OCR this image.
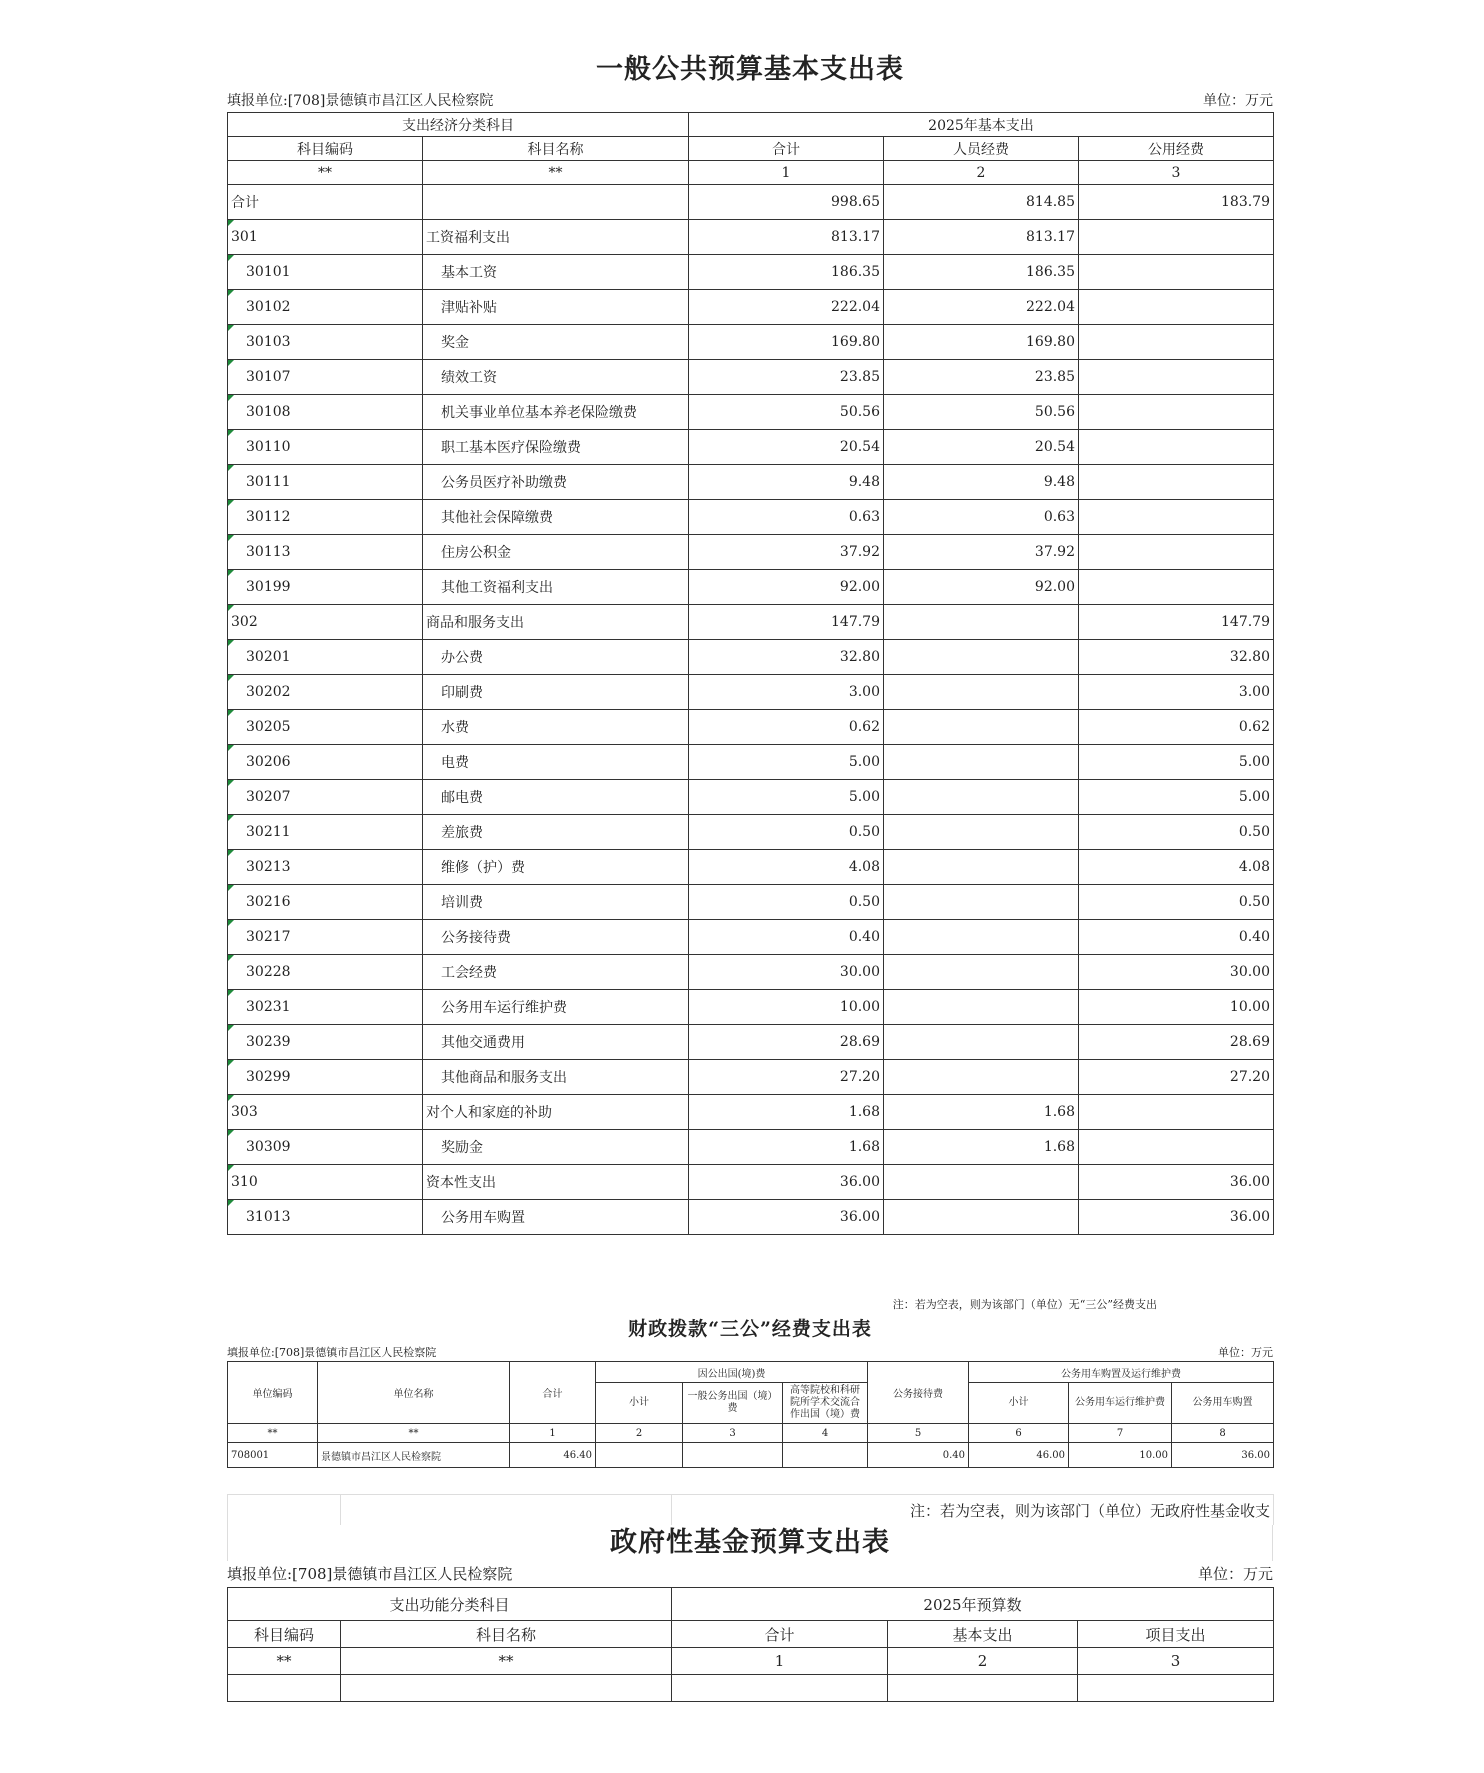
一般公共预算基本支出表
填报单位:[708]景德镇市昌江区人民检察院	单位：万元
支出经济分类科目		2025年基本支出		
科目编码	科目名称	合计	人员经费	公用经费
**	**	1	2	3
合计		998.65	814.85	183.79
301	工资福利支出	813.17	813.17	
30101	基本工资	186.35	186.35	
30102	津贴补贴	222.04	222.04	
30103	奖金	169.80	169.80	
30107	绩效工资	23.85	23.85	
30108	机关事业单位基本养老保险缴费	50.56	50.56	
30110	职工基本医疗保险缴费	20.54	20.54	
30111	公务员医疗补助缴费	9.48	9.48	
30112	其他社会保障缴费	0.63	0.63	
30113	住房公积金	37.92	37.92	
30199	其他工资福利支出	92.00	92.00	
302	商品和服务支出	147.79		147.79
30201	办公费	32.80		32.80
30202	印刷费	3.00		3.00
30205	水费	0.62		0.62
30206	电费	5.00		5.00
30207	邮电费	5.00		5.00
30211	差旅费	0.50		0.50
30213	维修（护）费	4.08		4.08
30216	培训费	0.50		0.50
30217	公务接待费	0.40		0.40
30228	工会经费	30.00		30.00
30231	公务用车运行维护费	10.00		10.00
30239	其他交通费用	28.69		28.69
30299	其他商品和服务支出	27.20		27.20
303	对个人和家庭的补助	1.68	1.68	
30309	奖励金	1.68	1.68	
310	资本性支出	36.00		36.00
31013	公务用车购置	36.00		36.00
注：若为空表，则为该部门（单位）无“三公”经费支出
财政拨款“三公”经费支出表
填报单位:[708]景德镇市昌江区人民检察院	单位：万元
单位编码	单位名称	合计	因公出国(境)费			公务接待费	公务用车购置及运行维护费		
			小计	一般公务出国（境）费	高等院校和科研院所学术交流合作出国（境）费		小计	公务用车运行维护费	公务用车购置
**	**	1	2	3	4	5	6	7	8
708001	景德镇市昌江区人民检察院	46.40				0.40	46.00	10.00	36.00
		注：若为空表，则为该部门（单位）无政府性基金收支
政府性基金预算支出表
填报单位:[708]景德镇市昌江区人民检察院	单位：万元
支出功能分类科目		2025年预算数		
科目编码	科目名称	合计	基本支出	项目支出
**	**	1	2	3
